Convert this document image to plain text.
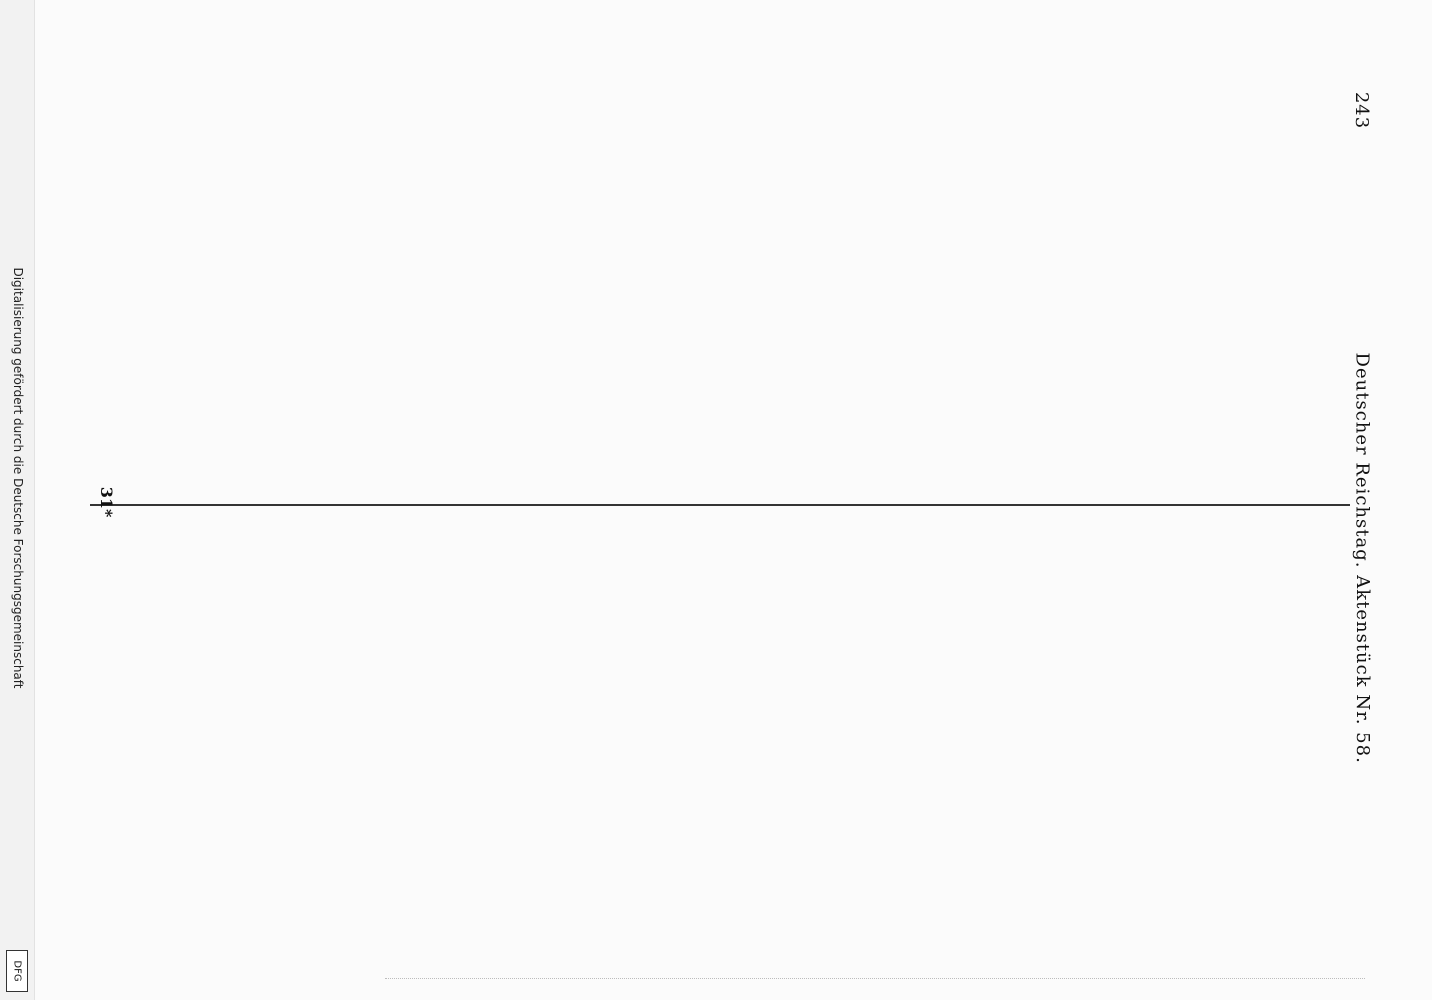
Digitalisierung gefördert durch die Deutsche Forschungsgemeinschaft
DFG
243
Deutscher Reichstag.
Aktenstück Nr. 58.
31*
